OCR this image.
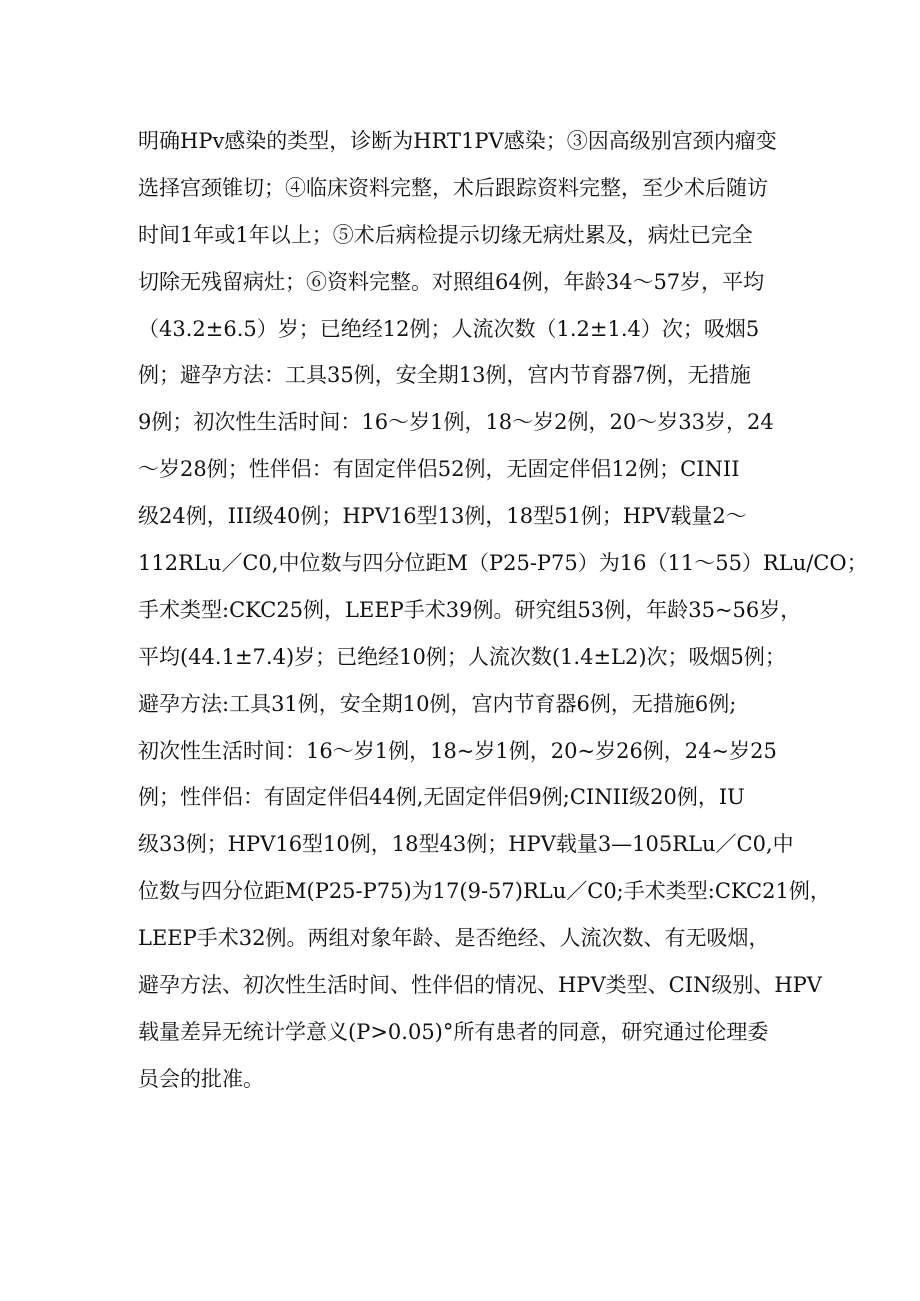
明确HPv感染的类型，诊断为HRT1PV感染；③因高级别宫颈内瘤变
选择宫颈锥切；④临床资料完整，术后跟踪资料完整，至少术后随访
时间1年或1年以上；⑤术后病检提示切缘无病灶累及，病灶已完全
切除无残留病灶；⑥资料完整。对照组64例，年龄34～57岁，平均
（43.2±6.5）岁；已绝经12例；人流次数（1.2±1.4）次；吸烟5
例；避孕方法：工具35例，安全期13例，宫内节育器7例，无措施
9例；初次性生活时间：16～岁1例，18～岁2例，20～岁33岁，24
～岁28例；性伴侣：有固定伴侣52例，无固定伴侣12例；CINII
级24例，III级40例；HPV16型13例，18型51例；HPV载量2～
112RLu／C0,中位数与四分位距M（P25-P75）为16（11～55）RLu/CO；
手术类型:CKC25例，LEEP手术39例。研究组53例，年龄35~56岁，
平均(44.1±7.4)岁；已绝经10例；人流次数(1.4±L2)次；吸烟5例；
避孕方法:工具31例，安全期10例，宫内节育器6例，无措施6例;
初次性生活时间：16～岁1例，18~岁1例，20~岁26例，24~岁25
例；性伴侣：有固定伴侣44例,无固定伴侣9例;CINII级20例，IU
级33例；HPV16型10例，18型43例；HPV载量3—105RLu／C0,中
位数与四分位距M(P25-P75)为17(9-57)RLu／C0;手术类型:CKC21例，
LEEP手术32例。两组对象年龄、是否绝经、人流次数、有无吸烟，
避孕方法、初次性生活时间、性伴侣的情况、HPV类型、CIN级别、HPV
载量差异无统计学意义(P>0.05)°所有患者的同意，研究通过伦理委
员会的批准。
